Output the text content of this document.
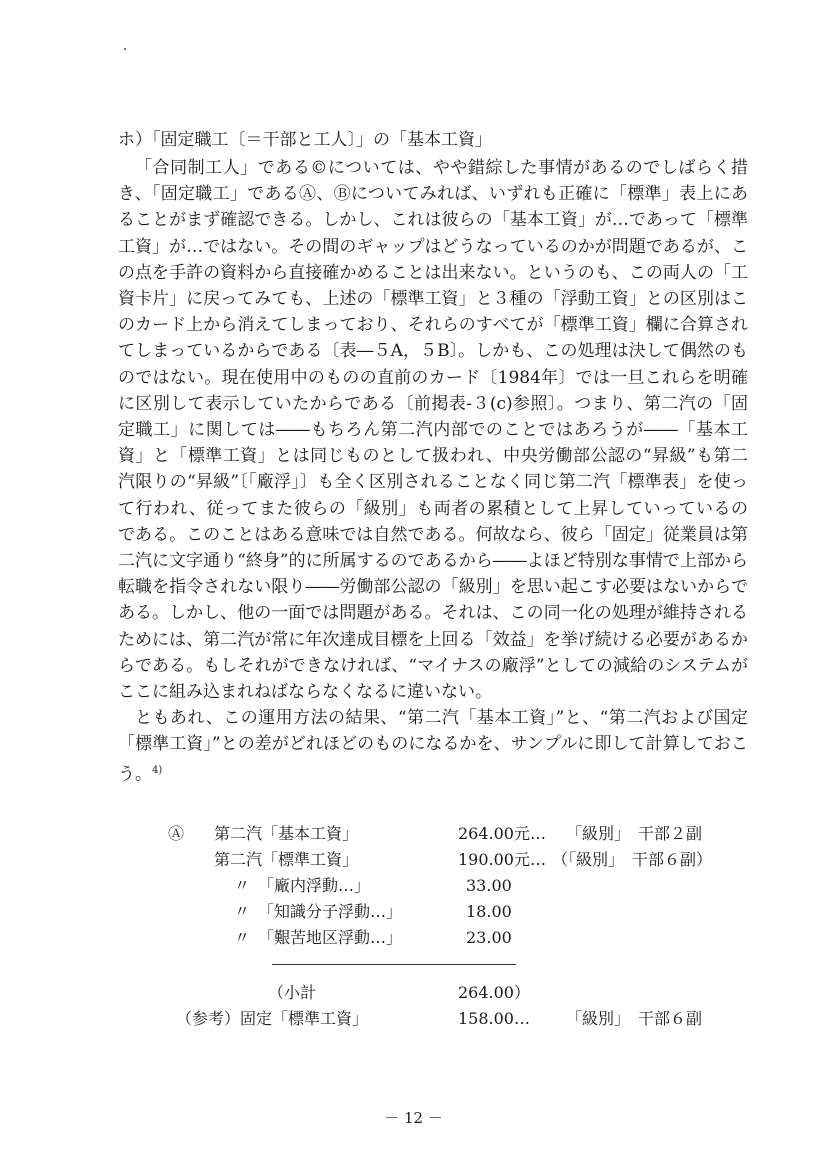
ホ）「固定職工〔＝干部と工人〕」の「基本工資」

「合同制工人」である©については、やや錯綜した事情があるのでしばらく措き、「固定職工」であるⒶ、Ⓑについてみれば、いずれも正確に「標準」表上にあることがまず確認できる。しかし、これは彼らの「基本工資」が…であって「標準工資」が…ではない。その間のギャップはどうなっているのかが問題であるが、この点を手許の資料から直接確かめることは出来ない。というのも、この両人の「工資卡片」に戻ってみても、上述の「標準工資」と３種の「浮動工資」との区別はこのカード上から消えてしまっており、それらのすべてが「標準工資」欄に合算されてしまっているからである〔表―５A，５B〕。しかも、この処理は決して偶然のものではない。現在使用中のものの直前のカード〔1984年〕では一旦これらを明確に区別して表示していたからである〔前掲表-３(c)参照〕。つまり、第二汽の「固定職工」に関しては――もちろん第二汽内部でのことではあろうが――「基本工資」と「標準工資」とは同じものとして扱われ、中央労働部公認の“昇級”も第二汽限りの“昇級”〔「廠浮」〕も全く区別されることなく同じ第二汽「標準表」を使って行われ、従ってまた彼らの「級別」も両者の累積として上昇していっているのである。このことはある意味では自然である。何故なら、彼ら「固定」従業員は第二汽に文字通り“終身”的に所属するのであるから――よほど特別な事情で上部から転職を指令されない限り――労働部公認の「級別」を思い起こす必要はないからである。しかし、他の一面では問題がある。それは、この同一化の処理が維持されるためには、第二汽が常に年次達成目標を上回る「效益」を挙げ続ける必要があるからである。もしそれができなければ、“マイナスの廠浮”としての減給のシステムがここに組み込まれねばならなくなるに違いない。

ともあれ、この運用方法の結果、“第二汽「基本工資」”と、“第二汽および国定「標準工資」”との差がどれほどのものになるかを、サンプルに即して計算しておこう。$^{4)}$

Ⓐ	第二汽「基本工資」	264.00元… 「級別」　干部２副
第二汽「標準工資」	190.00元… （「級別」　干部６副）
〃　「廠内浮動…」	33.00
〃　「知識分子浮動…」	18.00
〃　「艱苦地区浮動…」	23.00
（小計	264.00）
（参考）固定「標準工資」	158.00… 「級別」　干部６副
－ 12 －
